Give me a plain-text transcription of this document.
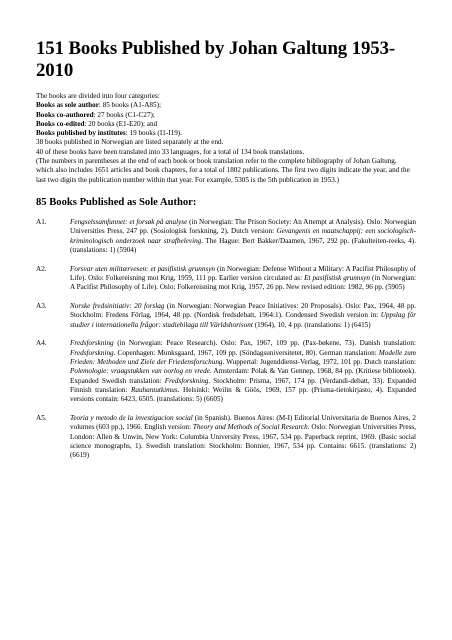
151 Books Published by Johan Galtung 1953-2010

The books are divided into four categories:

Books as sole author: 85 books (A1-A85);

Books co-authored: 27 books (C1-C27);

Books co-edited: 20 books (E1-E20); and

Books published by institutes: 19 books (I1-I19).

38 books published in Norwegian are listed separately at the end.

40 of these books have been translated into 33 languages, for a total of 134 book translations.

(The numbers in parentheses at the end of each book or book translation refer to the complete bibliography of Johan Galtung, which also includes 1651 articles and book chapters, for a total of 1802 publications. The first two digits indicate the year, and the last two digits the publication number within that year. For example, 5305 is the 5th publication in 1953.)

85 Books Published as Sole Author:
A1.	Fengselssamfunnet: et forsøk på analyse (in Norwegian: The Prison Society: An Attempt at Analysis). Oslo: Norwegian Universities Press, 247 pp. (Sosiologisk forskning, 2), Dutch version: Gevangenis en maatschappij: een sociologisch-kriminologisch onderzoek naar strafbeleving. The Hague: Bert Bakker/Daamen, 1967, 292 pp. (Fakulteiten-reeks, 4). (translations: 1) (5904)
A2.	Forsvar uten militærvesen: et pasifistisk grunnsyn (in Norwegian: Defense Without a Military: A Pacifist Philosophy of Life). Oslo: Folkereisning mot Krig, 1959, 111 pp. Earlier version circulated as: Et pasifistisk grunnsyn (in Norwegian: A Pacifist Philosophy of Life). Oslo: Folkereisning mot Krig, 1957, 26 pp. New revised edition: 1982, 96 pp. (5905)
A3.	Norske fredsinitiativ: 20 forslag (in Norwegian: Norwegian Peace Initiatives: 20 Proposals). Oslo: Pax, 1964, 48 pp. Stockholm: Fredens Förlag, 1964, 48 pp. (Nordisk fredsdebatt, 1964:1). Condensed Swedish version in: Uppslag för studier i internationella frågor: studiebilaga till Världshorisont (1964), 10, 4 pp. (translations: 1) (6415)
A4.	Fredsforskning (in Norwegian: Peace Research). Oslo: Pax, 1967, 109 pp. (Pax-bøkene, 73). Danish translation: Fredsforskning. Copenhagen: Munksgaard, 1967, 109 pp. (Söndagsuniversitetet, 80). German translation: Modelle zum Frieden: Methoden und Ziele der Friedensforschung. Wuppertal: Jugenddienst-Verlag, 1972, 101 pp. Dutch translation: Polemologie: vraagstukken van oorlog en vrede. Amsterdam: Polak & Van Gennep, 1968, 84 pp. (Kritiese biblioteek). Expanded Swedish translation: Fredsforskning. Stockholm: Prisma, 1967, 174 pp. (Verdandi-debatt, 33). Expanded Finnish translation: Rauhantutkimus. Helsinki: Weilin & Göös, 1969, 157 pp. (Prisma-tietokirjasto, 4). Expanded versions contain: 6423, 6505. (translations: 5) (6605)
A5.	Teoria y metodo de la investigacion social (in Spanish). Buenos Aires: (M-I) Editorial Universitaria de Buenos Aires, 2 volumes (603 pp.), 1966. English version: Theory and Methods of Social Research. Oslo: Norwegian Universities Press, London: Allen & Unwin, New York: Columbia University Press, 1967, 534 pp. Paperback reprint, 1969. (Basic social science monographs, 1). Swedish translation: Stockholm: Bonnier, 1967, 534 pp. Contains: 6615. (translations: 2) (6619)
